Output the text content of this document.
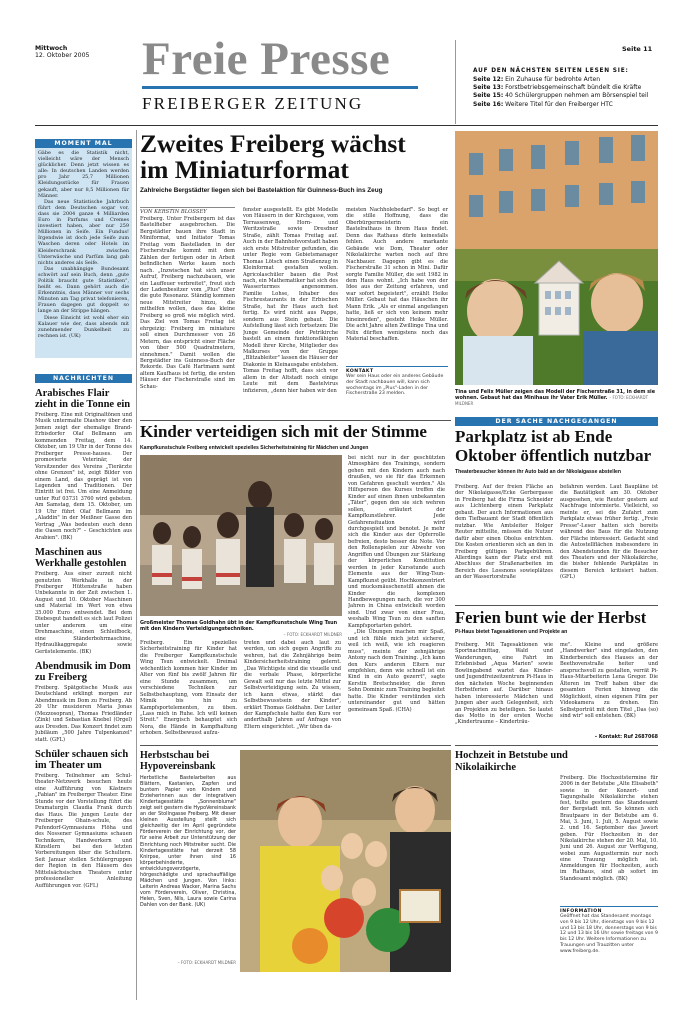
Mittwoch
12. Oktober 2005 Freie Presse
FREIBERGER ZEITUNG
Seite 11
AUF DEN NÄCHSTEN SEITEN LESEN SIE:
Seite 12: Ein Zuhause für bedrohte Arten
Seite 13: Forstbetriebsgemeinschaft bündelt die Kräfte
Seite 15: 40 Schülergruppen nehmen am Börsenspiel teil
Seite 16: Weitere Titel für den Freiberger HTC
MOMENT MAL

Gäbe es die Statistik nicht, vielleicht wäre der Mensch glücklicher. Denn jetzt wissen es alle: In deutschen Landen werden pro Jahr 25,7 Millionen Kleidungsstücke für Frauen gekauft, aber nur 8,5 Millionen für Männer.

Das neue Statistische Jahrbuch führt dem Deutschen sogar vor, dass sie 2004 ganze 4 Milliarden Euro in Parfums und Cremes investiert haben, aber nur 259 Millionen in Seife. Ein Fundus! Irgendwie ist doch jede Seife zum Waschen deren oder Hotels im Kleiderschrank zwischen Unterwäsche und Parfüm lang gab nichts anderes als Seife.

Das unabhängige Bundesamt schwört auf sein Buch, denn „gute Politik braucht gute Statistiken", heißt es. Dann gehört auch die Erkenntnis, dass Männer vor sechs Minuten am Tag privat telefonieren, Frauen dagegen gut doppelt so lange an der Strippe hängen.

Diese Einsicht ist wohl eher ein Kalauer wie der, dass abends mit zunehmender Dunkelheit zu rechnen ist. (UK)

NACHRICHTEN
Arabisches Flair zieht in die Tonne ein
Freiberg. Eine mit Originaltönen und Musik untermalte Diashow über den Jemen zeigt der ehemalige Brand-Erbisdorfer Olaf Bellmann am kommenden Freitag, dem 14. Oktober, um 19 Uhr in der Tonne des Freiberger Presse-hauses. Der promovierte Veterinär, der Vorsitzender des Vereins „Tierärzte ohne Grenzen" ist, zeigt Bilder von einem Land, das geprägt ist von Legenden und Traditionen. Der Eintritt ist frei. Um eine Anmeldung unter Ruf 03731 3760 wird gebeten. Am Samstag, dem 15. Oktober, um 19 Uhr führt Olaf Bellmann im „Aladdin" in der Meißner Gasse den Vortrag „Was bedeuten euch denn die Oasen noch?" – Geschichten aus Arabien". (BK)
Maschinen aus Werkhalle gestohlen
Freiberg. Aus einer zurzeit nicht genutzten Werkhalle in der Freiberger Hüttenstraße haben Unbekannte in der Zeit zwischen 1. August und 10. Oktober Maschinen und Material im Wert von etwa 35.000 Euro entwendet. Bei dem Diebesgut handelt es sich laut Polizei unter anderem um eine Drehmaschine, einen Schleifbock, eine Ständerbohrmaschine, Hydraulikaggregate sowie Gerüstelemente. (BK)
Abendmusik im Dom zu Freiberg
Freiberg. Spätgotische Musik aus Deutschland erklingt morgen zur Abendmusik im Dom zu Freiberg. Ab 20 Uhr musizieren Maria Jonas (Mezzosopran), Thomas Friedländer (Zink) und Sebastian Knebel (Orgel) aus Dresden. Das Konzert findet zum Jubiläum „500 Jahre Tulpenkanzel" statt. (GFL)
Schüler schauen sich im Theater um
Freiberg. Teilnehmer am Schul-theater-Netzwerk besuchen heute eine Aufführung von Kästners „Fabian" im Freiberger Theater. Eine Stunde vor der Vorstellung führt die Dramaturgin Claudia Frank durch das Haus. Die jungen Leute der Freiberger Ohain-schule, des Pufendorf-Gymnasiums Flöha und des Nossener Gymnasiums schauen Technikern, Handwerkern und Künstlern bei den letzten Vorbereitungen über die Schultern. Seit Januar stellen Schülergruppen der Region in den Häusern des Mittelsächsischen Theaters unter professioneller Anleitung Aufführungen vor. (GFL)
Zweites Freiberg wächst im Miniaturformat
Zahlreiche Bergstädter liegen sich bei Bastelaktion für Guinness-Buch ins Zeug
VON KERSTIN BLOSSEY

Freiberg. Unter Freibergern ist das Bastelfieber ausgebrochen. Die Bergstädter bauen ihre Stadt in Miniformat, und Initiator Tomas Freitag vom Bastelladen in der Fischerstraße kommt mit dem Zählen der fertigen oder in Arbeit befindlichen Werke kaum noch nach. „Inzwischen hat sich unser Aufruf, Freiberg nachzubauen, wie ein Lauffeuer verbreitet", freut sich der Ladenbesitzer vom „Plus" über die gute Resonanz. Ständig kommen neue Mitstreiter hinzu, die mithelfen wollen, dass das kleine Freiberg so groß wie möglich wird. Das Ziel von Tomas Freitag ist ehrgeizig: Freiberg im miniature soll einen Durchmesser von 26 Metern, das entspricht einer Fläche von über 500 Quadratmetern, einnehmen." Damit wollen die Bergstädter ins Guinness-Buch der Rekorde. Das Café Hartmann samt altem Kaufhaus ist fertig, die ersten Häuser der Fischerstraße sind im Schau-

fenster ausgestellt. Es gibt Modelle von Häusern in der Kirchgasse, vom Terrassenweg, Horn- und Weritzstraße sowie Dresdner Straße, zählt Tomas Freitag auf. Auch in der Bahnhofsvorstadt haben sich erste Mitstreiter gefunden, die unter Regie vom Gebietsmanager Thomas Lötsch einen Straßenzug in Kleinformat gestalten wollen. Agricolaschüler bauen die Post nach, ein Mathematiker hat sich des Wasserturmes angenommen. Familie Lohse, Inhaber des Fischrestaurants in der Erbischen Straße, hat ihr Haus auch fast fertig. Es wird nicht aus Pappe, sondern aus Stein gebaut. Die Aufstellung lässt sich fortsetzen: Die Junge Gemeinde der Petrikirche bastelt an einem funktionsfähigen Modell ihrer Kirche, Mitglieder des Malkurses von der Gruppe „Blitzableiter" lassen die Häuser der Diakonie in Kleinausgabe entstehen. Tomas Freitag hofft, dass sich vor allem in der Altstadt noch einige Leute mit dem Bastelvirus infizieren, „denn hier haben wir den

meisten Nachholebedarf". So begt er die stille Hoffnung, dass die Oberbürgermeisterin ein Bastelrathaus in ihrem Haus findet. Denn das Rathaus dürfe keinesfalls fehlen. Auch andere markante Gebäude wie Dom, Theater oder Nikolaikirche warten noch auf ihre Nachbauer. Dagegen gibt es die Fischerstraße 31 schon in Mini. Dafür sorgte Familie Müller, die seit 1982 in dem Haus wohnt. „Ich habe von der Idee aus der Zeitung erfahren, und war sofort begeistert", erzählt Heike Müller. Gebaut hat das Häuschen ihr Mann Erik. „Als er einmal angefangen hatte, ließ er sich von keinem mehr hineinreden", gesteht Heike Müller. Die acht Jahre alten Zwillinge Tina und Felix dürften wenigstens noch das Material beschaffen.

KONTAKT
Wer sein Haus oder ein anderes Gebäude der Stadt nachbauen will, kann sich wochentags im „Plus"-Laden in der Fischerstraße 23 melden.	Tina und Felix Müller zeigen das Modell der Fischerstraße 31, in dem sie wohnen. Gebaut hat das Minihaus ihr Vater Erik Müller. – FOTO: ECKHARDT MILDNER
Kinder verteidigen sich mit der Stimme
Kampfkunstschule Freiberg entwickelt spezielles Sicherheitstraining für Mädchen und Jungen
Großmeister Thomas Goldhahn übt in der Kampfkunstschule Wing Tsun mit den Kindern Verteidigungstechniken.
– FOTO: ECKHARDT MILDNER

Freiberg. Ein spezielles Sicherheitstraining für Kinder hat die Freiberger Kampfkunstschule Wing Tsun entwickelt. Dreimal wöchentlich kommen hier Kinder im Alter von fünf bis zwölf Jahren für eine Stunde zusammen, um verschiedene Techniken zur Selbstbehauptung, vom Einsatz der Mimik bis hin zu Kampfsportelementen, zu üben. „Lass mich in Ruhe. Ich will keinen Streit." Energisch behauptet sich Nora, die Hände in Kampfhaltung erhoben. Selbstbewusst aufzu-

treten und dabei auch laut zu werden, um sich gegen Angriffe zu wehren, hat die Zehnjährige beim Kindersicherheitstraining gelernt. „Das Wichtigste sind die visuelle und die verbale Phase, körperliche Gewalt soll nur das letzte Mittel zur Selbstverteidigung sein. Zu wissen, ich kann etwas, stärkt das Selbstbewusstsein der Kinder", erklärt Thomas Goldhahn. Der Leiter der Kampfschule hatte den Kurs vor anderthalb Jahren auf Anfrage von Eltern eingerichtet. „Wir üben da-

bei nicht nur in der geschützten Atmosphäre des Trainings, sondern gehen mit den Kindern auch nach draußen, wo sie für das Erkennen von Gefahren geschult werden." Als Hilfsperson des Kurses treffen die Kinder auf einen ihnen unbekannten „Täter", gegen den sie sich wehren sollen, erläutert der Kampfkunstlehrer. Jede Gefahrensituation wird durchgespielt und benotet. Je mehr sich die Kinder aus der Opferrolle befreien, desto besser die Note. Vor den Rollenspielen zur Abwehr von Angriffen und Übungen zur Stärkung der körperlichen Konstitution werden in jeder Kursstunde auch Elemente aus der Wing-Tsun-Kampfkunst geübt. Hochkonzentriert und mucksmäuschenstill ahmen die Kinder die komplexen Handbewegungen nach, die vor 300 Jahren in China entwickelt worden sind. Und zwar von einer Frau, weshalb Wing Tsun zu den sanften Kampfsportarten gehört.

„Die Übungen machen mir Spaß, und ich fühle mich jetzt sicherer, weil ich weiß, wie ich reagieren muss", meinte der zehnjährige Antony nach dem Training. „Ich kann den Kurs anderen Eltern nur empfehlen, denn wie schnell ist ein Kind in ein Auto gezerrt", sagte Kerstin Bretschneider, die ihren Sohn Dominic zum Training begleitet hatte. Die Kinder verstünden sich untereinander gut und hätten gemeinsam Spaß. (CHA)

DER SACHE NACHGEGANGEN
Parkplatz ist ab Ende Oktober öffentlich nutzbar
Theaterbesucher können ihr Auto bald an der Nikolaigasse abstellen

Freiberg. Auf der freien Fläche an der Nikolaigasse/Ecke Gerbergasse in Freiberg hat die Firma Schneider aus Lichtenberg einen Parkplatz gebaut. Der auch Informationen aus dem Tiefbauamt der Stadt öffentlich nutzbar. Wie Amtsleiter Holger Reuter mitteilte, müssen die Nutzer dafür aber einen Obolus entrichten. Die Kosten orientieren sich an den in Freiberg gültigen Parkgebühren. Allerdings kann der Platz erst mit Abschluss der Straßenarbeiten im Bereich des Lossnons sowieplätzes an der Wassertorstraße

befahren werden. Laut Baupläne ist die Bautätigkeit am 30. Oktober ausgesehen, wie Reuter gestern auf Nachfrage informierte. Vielleicht, so meinte er, sei die Zufahrt zum Parkplatz etwas früher fertig. „Freie Presse"-Leser hatten sich bereits während des Baus für die Nutzung der Fläche interessiert. Gedacht sind die Autostellflächen insbesondere in den Abendstunden für die Besucher des Theaters und der Nikolaikirche, die bisher fehlende Parkplätze in diesem Bereich kritisiert hatten. (GFL)

Ferien bunt wie der Herbst
Pi-Haus bietet Tagesaktionen und Projekte an

Freiberg. Mit Tagesaktionen wie Sportnachmittag, Wald und Wanderungen, eine Fahrt im Erlebnisbad „Aqua Marien" sowie Bowlingabend wartet das Kinder- und Jugendfreizeitzentrum Pi-Haus in den nächsten Woche beginnenden Herbstferien auf. Darüber hinaus haben interessierte Mädchen und Jungen aber auch Gelegenheit, sich an Projekten zu beteiligen. So lautet das Motto in der ersten Woche „Kindertraume – Kinderträu-

me". Kleine und größere „Handwerker" sind eingeladen, den Kinderbereich des Hauses an der Beethovenstraße heiter und anspruchsvoll zu gestalten, verrät Pi-Haus-Mitarbeiterin Lena Gregor. Die Älteren im Treff haben über die gesamten Ferien hinweg die Möglichkeit, einen eigenen Film per Videokamera zu drehen. Ein Selbstporträt mit dem Titel „Das (so) sind wir" soll entstehen. (BK)

– Kontakt: Ruf 2687068
Herbstschau bei Hypovereinsbank
Herbstliche Bastelarbeiten aus Blättern, Kastanien, Zapfen und buntem Papier von Kindern und Erzieherinnen aus der integrativen Kindertagesstätte „Sonnenblume" zeigt seit gestern die HypoVereinsbank an der Stollngasse Freiberg. Mit dieser kleinen Ausstellung stellt sich gleichzeitig der im April gegründete Förderverein der Einrichtung vor, der für seine Arbeit zur Unterstützung der Einrichtung noch Mitstreiter sucht. Die Kindertagesstätte hat derzeit 58 Knirpse, unter ihnen sind 16 körperbehinderte, entwicklungsverzögerte, hörgeschädigte und sprachauffällige Mädchen und Jungen. Von links: Leiterin Andreas Wacker, Marina Sachs vom Förderverein, Oliver, Christina, Helen, Sven, Nils, Laura sowie Carina Dahlen von der Bank. (UK)
– FOTO: ECKHARDT MILDNER
Hochzeit in Betstube und Nikolaikirche
Freiberg. Die Hochzeitstermine für 2006 in der Betstube „Alte Elisabeth" sowie in der Konzert- und Tagungshalle Nikolaikirche stehen fest, teilte gestern das Standesamt der Bergstadt mit. So können sich Brautpaare in der Betstube am 6. Mai, 3. Juni, 1. Juli, 5. August sowie 2. und 16. September das Jawort geben. Für Hochzeiten in der Nikolaikirche stehen der 20. Mai, 10. Juni und 26. August zur Verfügung, wobei zum Augusttermin nur noch eine Trauung möglich ist. Anmeldungen für Hochzeiten, auch im Rathaus, sind ab sofort im Standesamt möglich. (BK)
INFORMATION
Geöffnet hat das Standesamt montags von 9 bis 12 Uhr, dienstags von 9 bis 12 und 13 bis 18 Uhr, donnerstags von 9 bis 12 und 13 bis 16 Uhr sowie freitags von 9 bis 12 Uhr. Weitere Informationen zu Trauungen und Trauzitten unter www.freiberg.de.
